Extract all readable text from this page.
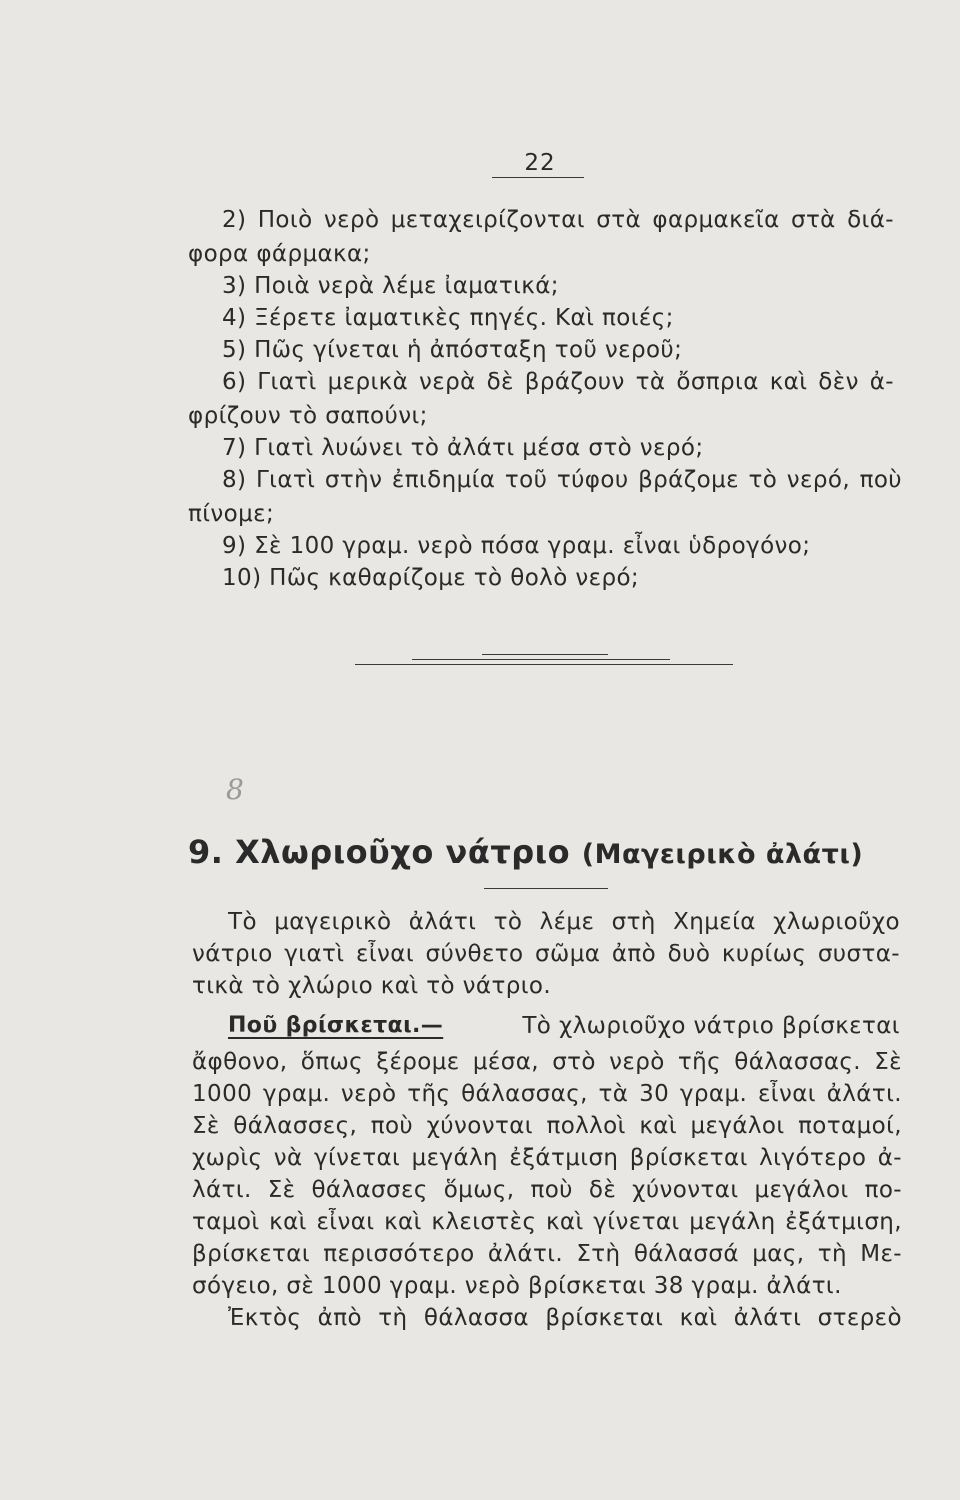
22
2) Ποιὸ νερὸ μεταχειρίζονται στὰ φαρμακεῖα στὰ διά-
φορα φάρμακα;
3) Ποιὰ νερὰ λέμε ἰαματικά;
4) Ξέρετε ἰαματικὲς πηγές. Καὶ ποιές;
5) Πῶς γίνεται ἡ ἀπόσταξη τοῦ νεροῦ;
6) Γιατὶ μερικὰ νερὰ δὲ βράζουν τὰ ὄσπρια καὶ δὲν ἀ-
φρίζουν τὸ σαπούνι;
7) Γιατὶ λυώνει τὸ ἀλάτι μέσα στὸ νερό;
8) Γιατὶ στὴν ἐπιδημία τοῦ τύφου βράζομε τὸ νερό, ποὺ
πίνομε;
9) Σὲ 100 γραμ. νερὸ πόσα γραμ. εἶναι ὑδρογόνο;
10) Πῶς καθαρίζομε τὸ θολὸ νερό;
8
9. Χλωριοῦχο νάτριο (Μαγειρικὸ ἀλάτι)
Τὸ μαγειρικὸ ἀλάτι τὸ λέμε στὴ Χημεία χλωριοῦχο
νάτριο γιατὶ εἶναι σύνθετο σῶμα ἀπὸ δυὸ κυρίως συστα-
τικὰ τὸ χλώριο καὶ τὸ νάτριο.
Ποῦ βρίσκεται.—	Τὸ χλωριοῦχο νάτριο βρίσκεται
ἄφθονο, ὅπως ξέρομε μέσα, στὸ νερὸ τῆς θάλασσας. Σὲ
1000 γραμ. νερὸ τῆς θάλασσας, τὰ 30 γραμ. εἶναι ἀλάτι.
Σὲ θάλασσες, ποὺ χύνονται πολλοὶ καὶ μεγάλοι ποταμοί,
χωρὶς νὰ γίνεται μεγάλη ἐξάτμιση βρίσκεται λιγότερο ἀ-
λάτι. Σὲ θάλασσες ὅμως, ποὺ δὲ χύνονται μεγάλοι πο-
ταμοὶ καὶ εἶναι καὶ κλειστὲς καὶ γίνεται μεγάλη ἐξάτμιση,
βρίσκεται περισσότερο ἀλάτι. Στὴ θάλασσά μας, τὴ Με-
σόγειο, σὲ 1000 γραμ. νερὸ βρίσκεται 38 γραμ. ἀλάτι.
Ἐκτὸς ἀπὸ τὴ θάλασσα βρίσκεται καὶ ἀλάτι στερεὸ
